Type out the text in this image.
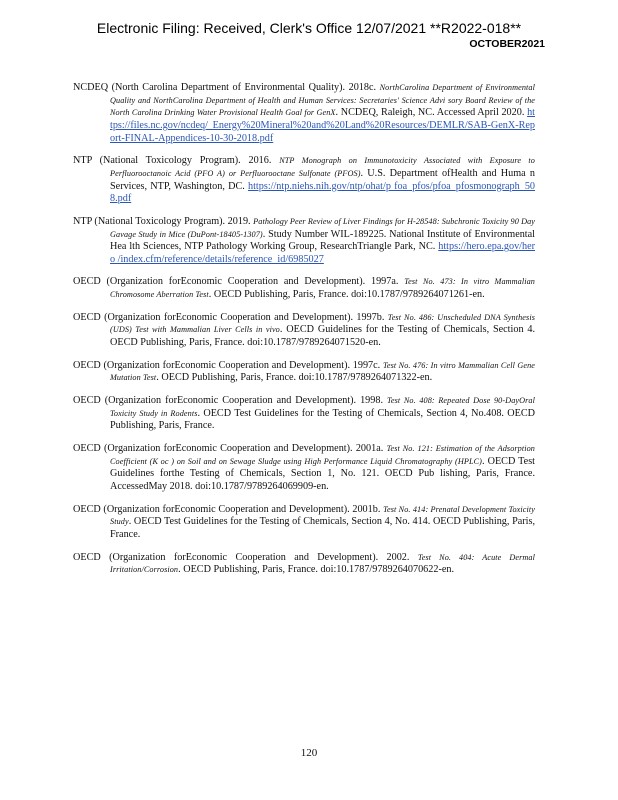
Electronic Filing: Received, Clerk's Office 12/07/2021 **R2022-018**
OCTOBER2021

NCDEQ (North Carolina Department of Environmental Quality). 2018c. NorthCarolina Department of Environmental Quality and NorthCarolina Department of Health and Human Services: Secretaries' Science Advi sory Board Review of the North Carolina Drinking Water Provisional Health Goal for GenX. NCDEQ, Raleigh, NC. Accessed April 2020. https://files.nc.gov/ncdeq/ Energy%20Mineral%20and%20Land%20Resources/DEMLR/SAB-GenX-Report-FINAL-Appendices-10-30-2018.pdf

NTP (National Toxicology Program). 2016. NTP Monograph on Immunotoxicity Associated with Exposure to Perfluorooctanoic Acid (PFO A) or Perfluorooctane Sulfonate (PFOS). U.S. Department ofHealth and Huma n Services, NTP, Washington, DC. https://ntp.niehs.nih.gov/ntp/ohat/p foa_pfos/pfoa_pfosmonograph_508.pdf

NTP (National Toxicology Program). 2019. Pathology Peer Review of Liver Findings for H-28548: Subchronic Toxicity 90 Day Gavage Study in Mice (DuPont-18405-1307). Study Number WIL-189225. National Institute of Environmental Hea lth Sciences, NTP Pathology Working Group, ResearchTriangle Park, NC. https://hero.epa.gov/hero /index.cfm/reference/details/reference_id/6985027

OECD (Organization forEconomic Cooperation and Development). 1997a. Test No. 473: In vitro Mammalian Chromosome Aberration Test. OECD Publishing, Paris, France. doi:10.1787/9789264071261-en.

OECD (Organization forEconomic Cooperation and Development). 1997b. Test No. 486: Unscheduled DNA Synthesis (UDS) Test with Mammalian Liver Cells in vivo. OECD Guidelines for the Testing of Chemicals, Section 4. OECD Publishing, Paris, France. doi:10.1787/9789264071520-en.

OECD (Organization forEconomic Cooperation and Development). 1997c. Test No. 476: In vitro Mammalian Cell Gene Mutation Test. OECD Publishing, Paris, France. doi:10.1787/9789264071322-en.

OECD (Organization forEconomic Cooperation and Development). 1998. Test No. 408: Repeated Dose 90-DayOral Toxicity Study in Rodents. OECD Test Guidelines for the Testing of Chemicals, Section 4, No.408. OECD Publishing, Paris, France.

OECD (Organization forEconomic Cooperation and Development). 2001a. Test No. 121: Estimation of the Adsorption Coefficient (K oc ) on Soil and on Sewage Sludge using High Performance Liquid Chromatography (HPLC). OECD Test Guidelines forthe Testing of Chemicals, Section 1, No. 121. OECD Pub lishing, Paris, France. AccessedMay 2018. doi:10.1787/9789264069909-en.

OECD (Organization forEconomic Cooperation and Development). 2001b. Test No. 414: Prenatal Development Toxicity Study. OECD Test Guidelines for the Testing of Chemicals, Section 4, No. 414. OECD Publishing, Paris, France.

OECD (Organization forEconomic Cooperation and Development). 2002. Test No. 404: Acute Dermal Irritation/Corrosion. OECD Publishing, Paris, France. doi:10.1787/9789264070622-en.

120
